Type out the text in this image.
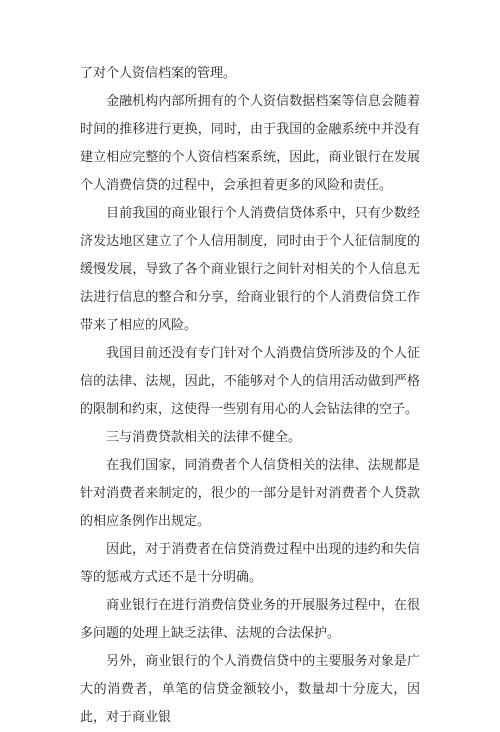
了对个人资信档案的管理。

金融机构内部所拥有的个人资信数据档案等信息会随着时间的推移进行更换，同时，由于我国的金融系统中并没有建立相应完整的个人资信档案系统，因此，商业银行在发展个人消费信贷的过程中，会承担着更多的风险和责任。

目前我国的商业银行个人消费信贷体系中，只有少数经济发达地区建立了个人信用制度，同时由于个人征信制度的缓慢发展，导致了各个商业银行之间针对相关的个人信息无法进行信息的整合和分享，给商业银行的个人消费信贷工作带来了相应的风险。

我国目前还没有专门针对个人消费信贷所涉及的个人征信的法律、法规，因此，不能够对个人的信用活动做到严格的限制和约束，这使得一些别有用心的人会钻法律的空子。

三与消费贷款相关的法律不健全。

在我们国家，同消费者个人信贷相关的法律、法规都是针对消费者来制定的，很少的一部分是针对消费者个人贷款的相应条例作出规定。

因此，对于消费者在信贷消费过程中出现的违约和失信等的惩戒方式还不是十分明确。

商业银行在进行消费信贷业务的开展服务过程中，在很多问题的处理上缺乏法律、法规的合法保护。

另外，商业银行的个人消费信贷中的主要服务对象是广大的消费者，单笔的信贷金额较小，数量却十分庞大，因此，对于商业银
